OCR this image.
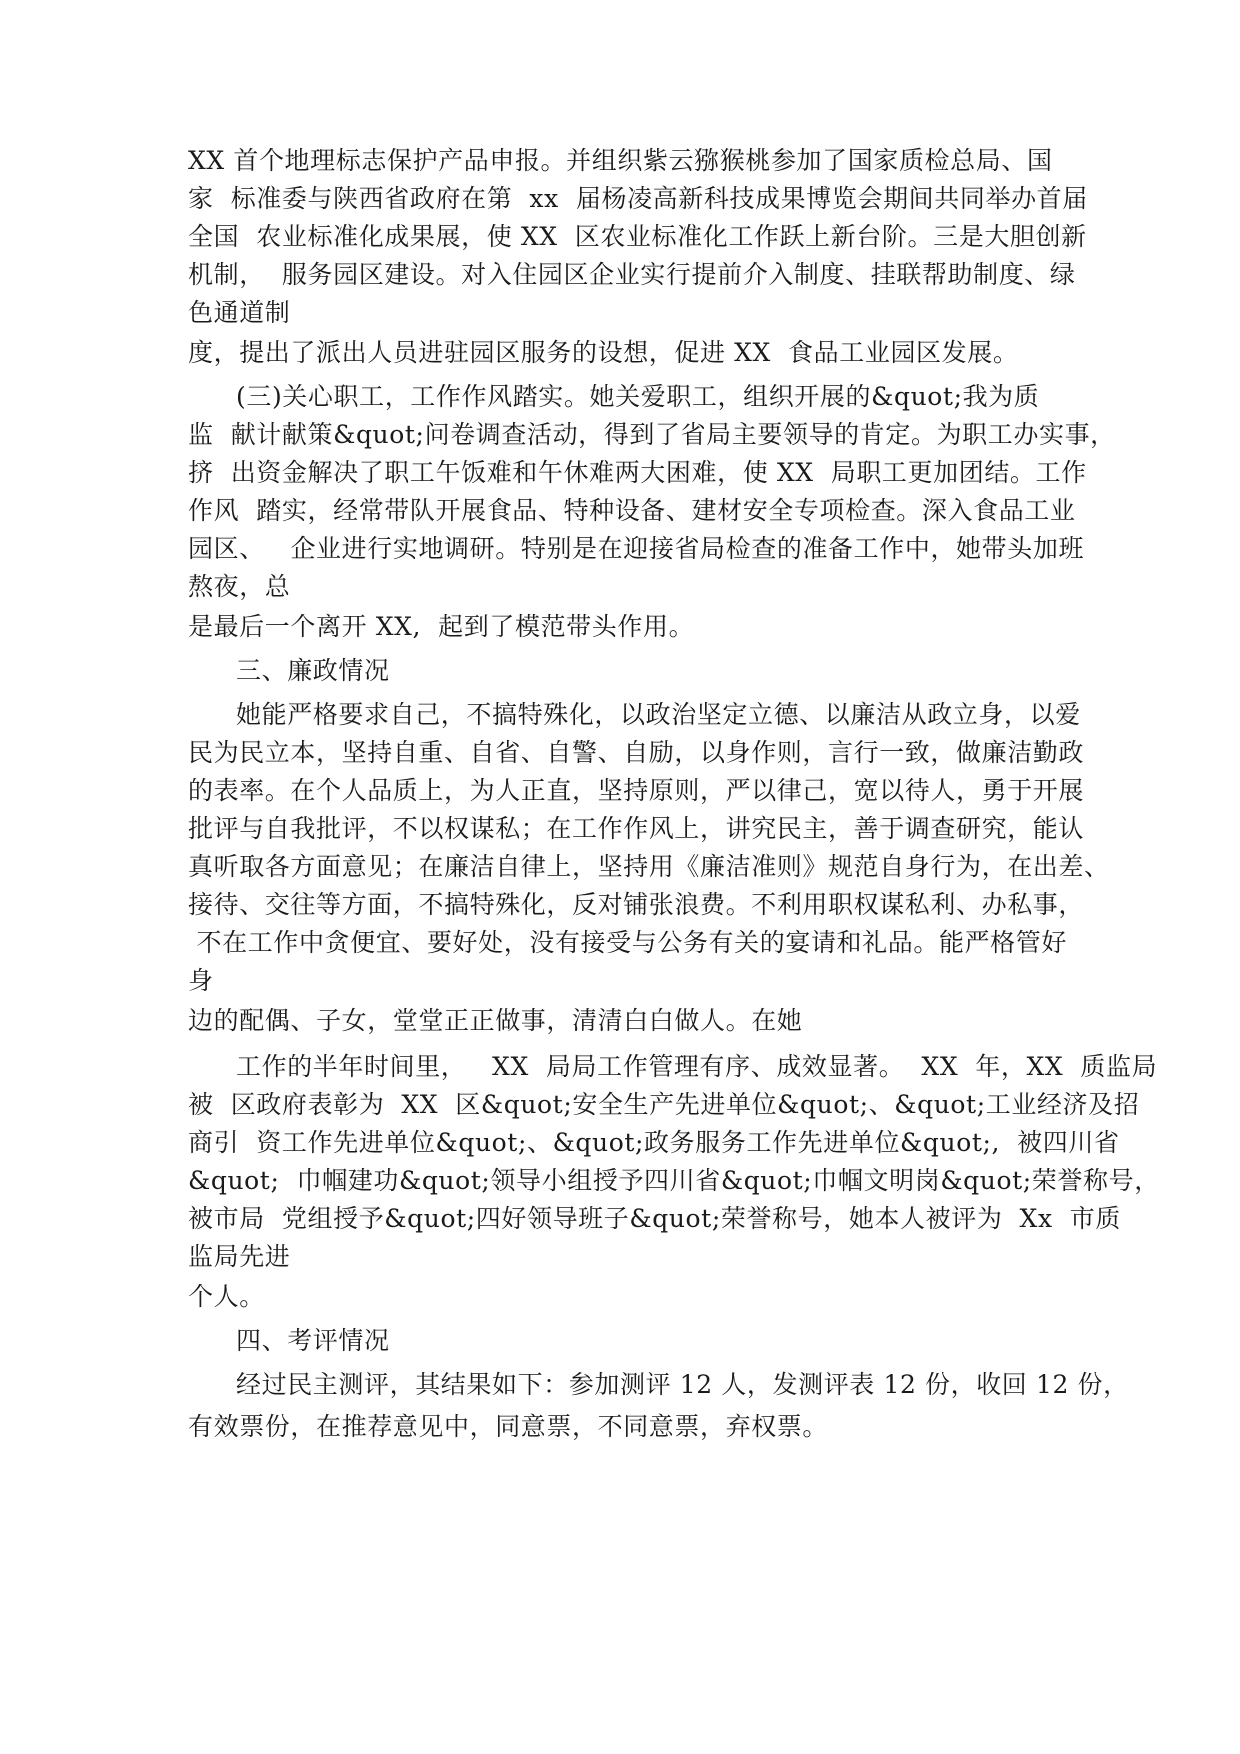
XX 首个地理标志保护产品申报。并组织紫云猕猴桃参加了国家质检总局、国
家  标准委与陕西省政府在第  xx  届杨凌高新科技成果博览会期间共同举办首届
全国  农业标准化成果展，使 XX  区农业标准化工作跃上新台阶。三是大胆创新
机制，  服务园区建设。对入住园区企业实行提前介入制度、挂联帮助制度、绿
色通道制
度，提出了派出人员进驻园区服务的设想，促进 XX  食品工业园区发展。
(三)关心职工，工作作风踏实。她关爱职工，组织开展的&quot;我为质
监  献计献策&quot;问卷调查活动，得到了省局主要领导的肯定。为职工办实事，
挤  出资金解决了职工午饭难和午休难两大困难，使 XX  局职工更加团结。工作
作风  踏实，经常带队开展食品、特种设备、建材安全专项检查。深入食品工业
园区、   企业进行实地调研。特别是在迎接省局检查的准备工作中，她带头加班
熬夜，总
是最后一个离开 XX,  起到了模范带头作用。
三、廉政情况
她能严格要求自己，不搞特殊化，以政治坚定立德、以廉洁从政立身，以爱
民为民立本，坚持自重、自省、自警、自励，以身作则，言行一致，做廉洁勤政
的表率。在个人品质上，为人正直，坚持原则，严以律己，宽以待人，勇于开展
批评与自我批评，不以权谋私；在工作作风上，讲究民主，善于调查研究，能认
真听取各方面意见；在廉洁自律上，坚持用《廉洁准则》规范自身行为，在出差、
接待、交往等方面，不搞特殊化，反对铺张浪费。不利用职权谋私利、办私事，
不在工作中贪便宜、要好处，没有接受与公务有关的宴请和礼品。能严格管好
身
边的配偶、子女，堂堂正正做事，清清白白做人。在她
工作的半年时间里，   XX  局局工作管理有序、成效显著。  XX  年，XX  质监局
被  区政府表彰为  XX  区&quot;安全生产先进单位&quot;、&quot;工业经济及招
商引  资工作先进单位&quot;、&quot;政务服务工作先进单位&quot;,  被四川省
&quot;  巾帼建功&quot;领导小组授予四川省&quot;巾帼文明岗&quot;荣誉称号，
被市局  党组授予&quot;四好领导班子&quot;荣誉称号，她本人被评为  Xx  市质
监局先进
个人。
四、考评情况
经过民主测评，其结果如下：参加测评 12 人，发测评表 12 份，收回 12 份，
有效票份，在推荐意见中，同意票，不同意票，弃权票。
